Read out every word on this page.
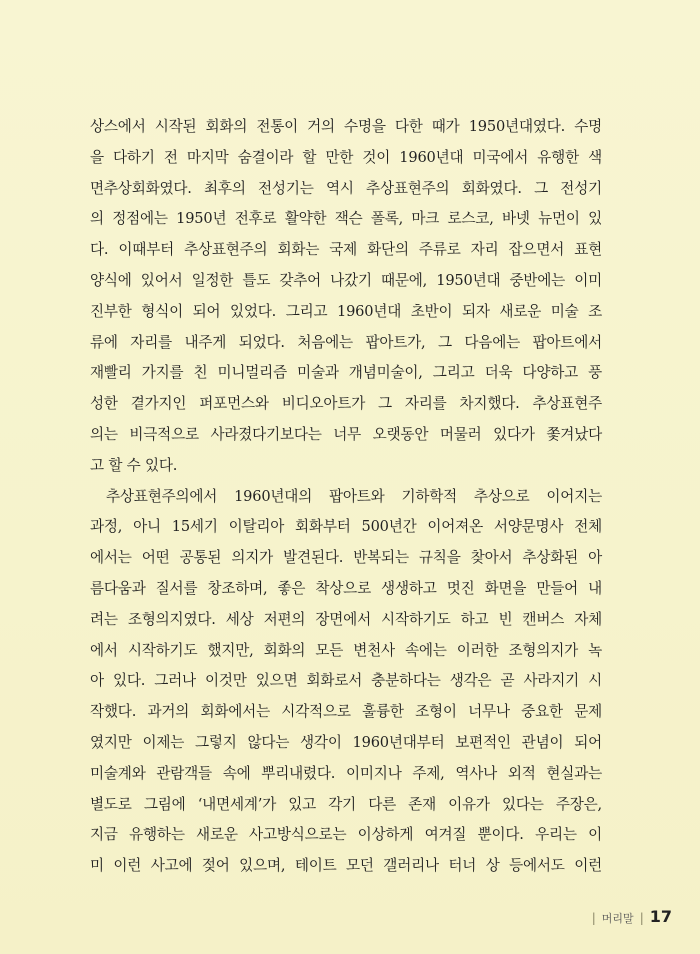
상스에서 시작된 회화의 전통이 거의 수명을 다한 때가 1950년대였다. 수명
을 다하기 전 마지막 숨결이라 할 만한 것이 1960년대 미국에서 유행한 색
면추상회화였다. 최후의 전성기는 역시 추상표현주의 회화였다. 그 전성기
의 정점에는 1950년 전후로 활약한 잭슨 폴록, 마크 로스코, 바넷 뉴먼이 있
다. 이때부터 추상표현주의 회화는 국제 화단의 주류로 자리 잡으면서 표현
양식에 있어서 일정한 틀도 갖추어 나갔기 때문에, 1950년대 중반에는 이미
진부한 형식이 되어 있었다. 그리고 1960년대 초반이 되자 새로운 미술 조
류에 자리를 내주게 되었다. 처음에는 팝아트가, 그 다음에는 팝아트에서
재빨리 가지를 친 미니멀리즘 미술과 개념미술이, 그리고 더욱 다양하고 풍
성한 곁가지인 퍼포먼스와 비디오아트가 그 자리를 차지했다. 추상표현주
의는 비극적으로 사라졌다기보다는 너무 오랫동안 머물러 있다가 쫓겨났다
고 할 수 있다.
추상표현주의에서 1960년대의 팝아트와 기하학적 추상으로 이어지는
과정, 아니 15세기 이탈리아 회화부터 500년간 이어져온 서양문명사 전체
에서는 어떤 공통된 의지가 발견된다. 반복되는 규칙을 찾아서 추상화된 아
름다움과 질서를 창조하며, 좋은 착상으로 생생하고 멋진 화면을 만들어 내
려는 조형의지였다. 세상 저편의 장면에서 시작하기도 하고 빈 캔버스 자체
에서 시작하기도 했지만, 회화의 모든 변천사 속에는 이러한 조형의지가 녹
아 있다. 그러나 이것만 있으면 회화로서 충분하다는 생각은 곧 사라지기 시
작했다. 과거의 회화에서는 시각적으로 훌륭한 조형이 너무나 중요한 문제
였지만 이제는 그렇지 않다는 생각이 1960년대부터 보편적인 관념이 되어
미술계와 관람객들 속에 뿌리내렸다. 이미지나 주제, 역사나 외적 현실과는
별도로 그림에 ‘내면세계’가 있고 각기 다른 존재 이유가 있다는 주장은,
지금 유행하는 새로운 사고방식으로는 이상하게 여겨질 뿐이다. 우리는 이
미 이런 사고에 젖어 있으며, 테이트 모던 갤러리나 터너 상 등에서도 이런
| 머리말 | 17
